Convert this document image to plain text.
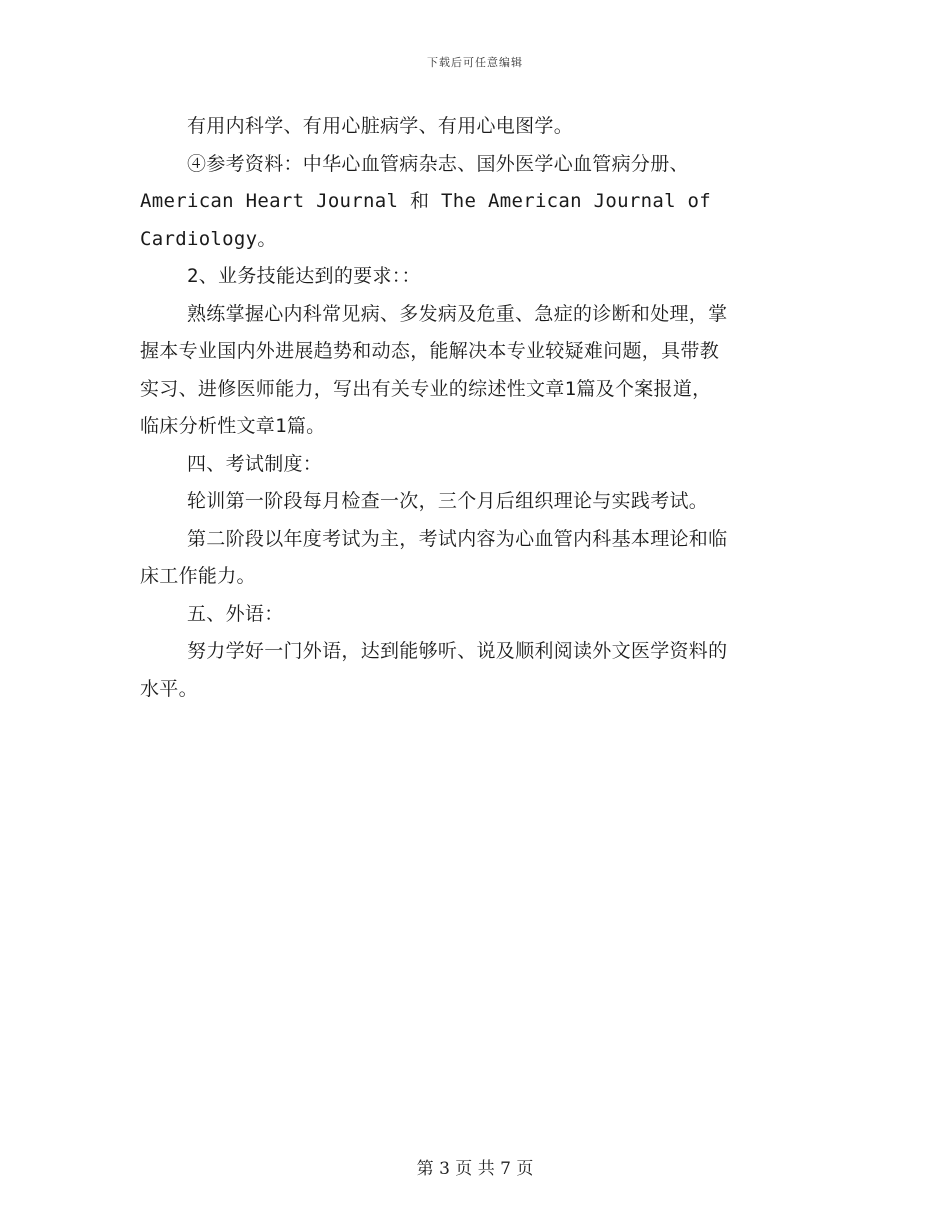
下载后可任意编辑
有用内科学、有用心脏病学、有用心电图学。
④参考资料：中华心血管病杂志、国外医学心血管病分册、
American Heart Journal 和 The American Journal of
Cardiology。
2、业务技能达到的要求：：
熟练掌握心内科常见病、多发病及危重、急症的诊断和处理，掌
握本专业国内外进展趋势和动态，能解决本专业较疑难问题，具带教
实习、进修医师能力，写出有关专业的综述性文章1篇及个案报道，
临床分析性文章1篇。
四、考试制度：
轮训第一阶段每月检查一次，三个月后组织理论与实践考试。
第二阶段以年度考试为主，考试内容为心血管内科基本理论和临
床工作能力。
五、外语：
努力学好一门外语，达到能够听、说及顺利阅读外文医学资料的
水平。
第 3 页 共 7 页
